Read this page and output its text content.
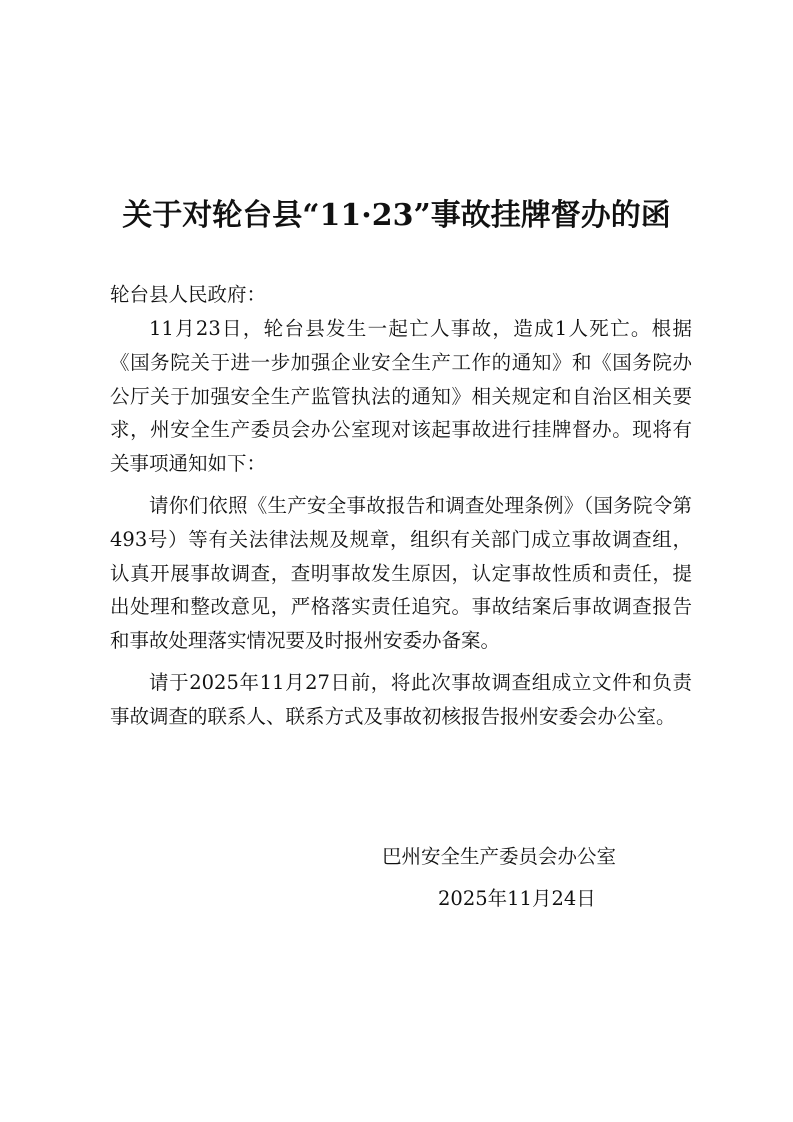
关于对轮台县“11·23”事故挂牌督办的函

轮台县人民政府：

11月23日，轮台县发生一起亡人事故，造成1人死亡。根据《国务院关于进一步加强企业安全生产工作的通知》和《国务院办公厅关于加强安全生产监管执法的通知》相关规定和自治区相关要求，州安全生产委员会办公室现对该起事故进行挂牌督办。现将有关事项通知如下：

请你们依照《生产安全事故报告和调查处理条例》（国务院令第493号）等有关法律法规及规章，组织有关部门成立事故调查组，认真开展事故调查，查明事故发生原因，认定事故性质和责任，提出处理和整改意见，严格落实责任追究。事故结案后事故调查报告和事故处理落实情况要及时报州安委办备案。

请于2025年11月27日前，将此次事故调查组成立文件和负责事故调查的联系人、联系方式及事故初核报告报州安委会办公室。

巴州安全生产委员会办公室

2025年11月24日
